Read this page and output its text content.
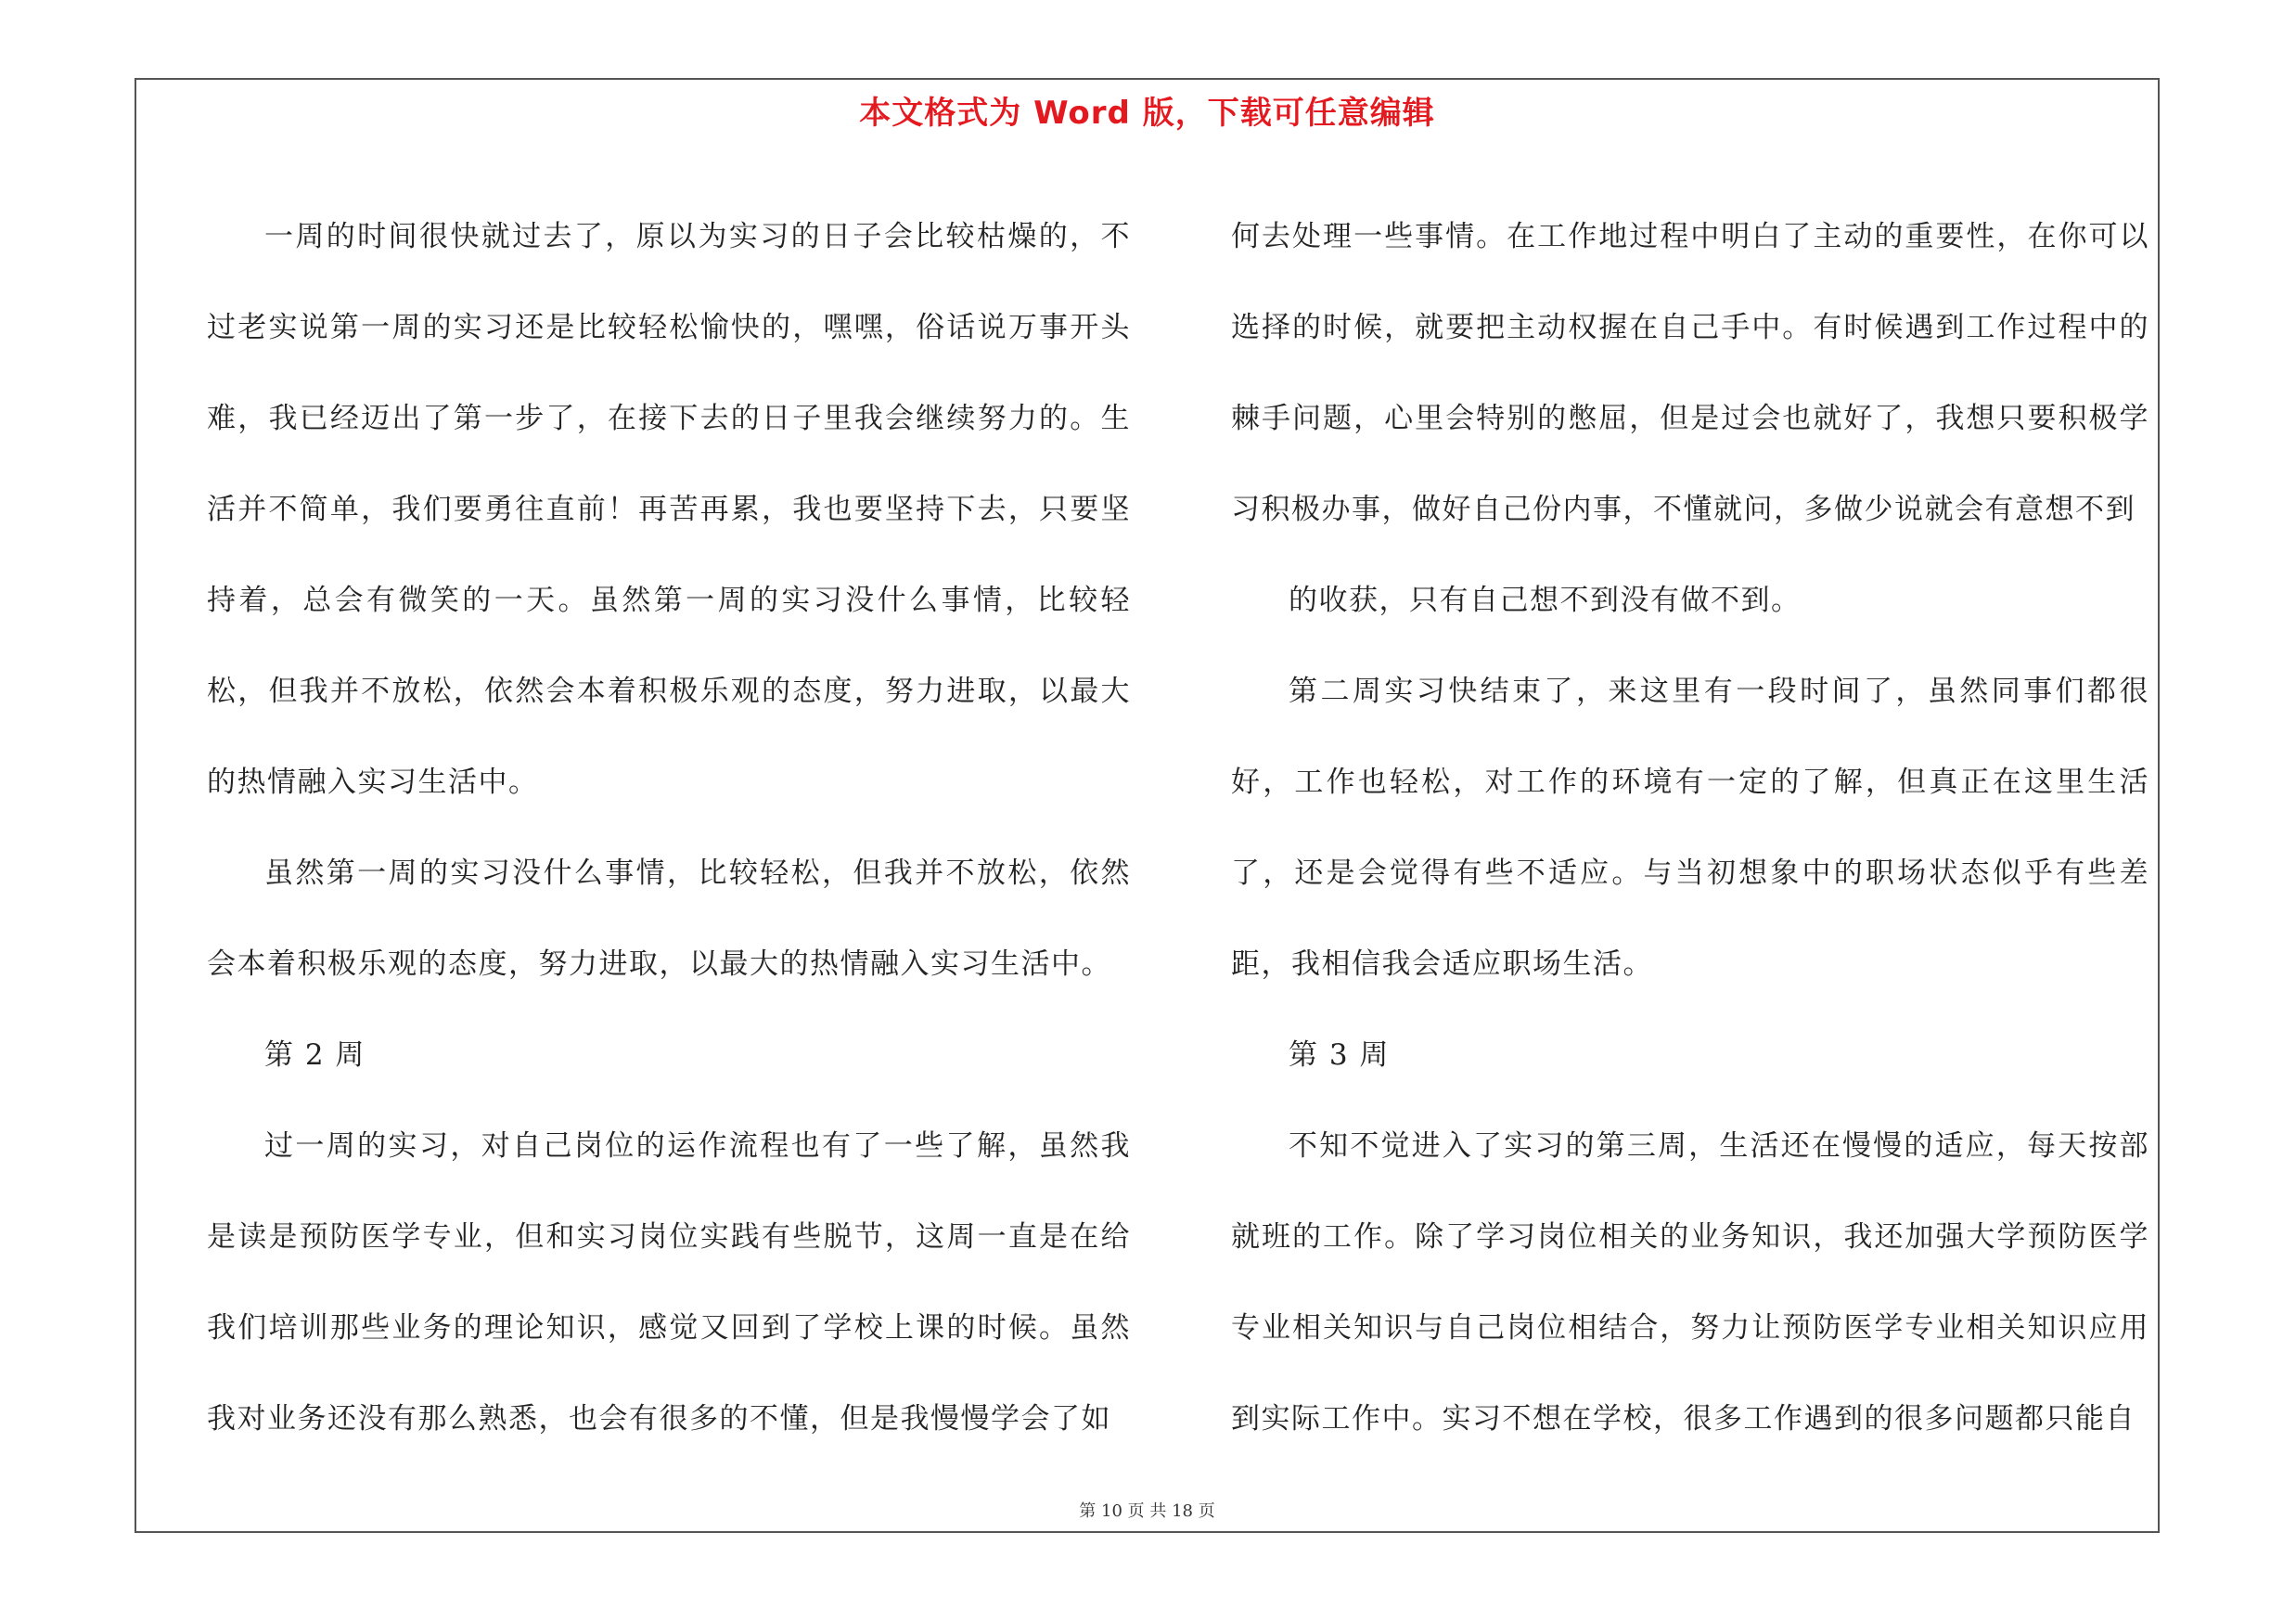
本文格式为 Word 版，下载可任意编辑

一周的时间很快就过去了，原以为实习的日子会比较枯燥的，不过老实说第一周的实习还是比较轻松愉快的，嘿嘿，俗话说万事开头难，我已经迈出了第一步了，在接下去的日子里我会继续努力的。生活并不简单，我们要勇往直前！再苦再累，我也要坚持下去，只要坚持着，总会有微笑的一天。虽然第一周的实习没什么事情，比较轻松，但我并不放松，依然会本着积极乐观的态度，努力进取，以最大的热情融入实习生活中。

虽然第一周的实习没什么事情，比较轻松，但我并不放松，依然会本着积极乐观的态度，努力进取，以最大的热情融入实习生活中。

第 2 周

过一周的实习，对自己岗位的运作流程也有了一些了解，虽然我是读是预防医学专业，但和实习岗位实践有些脱节，这周一直是在给我们培训那些业务的理论知识，感觉又回到了学校上课的时候。虽然我对业务还没有那么熟悉，也会有很多的不懂，但是我慢慢学会了如

何去处理一些事情。在工作地过程中明白了主动的重要性，在你可以选择的时候，就要把主动权握在自己手中。有时候遇到工作过程中的棘手问题，心里会特别的憋屈，但是过会也就好了，我想只要积极学习积极办事，做好自己份内事，不懂就问，多做少说就会有意想不到

的收获，只有自己想不到没有做不到。

第二周实习快结束了，来这里有一段时间了，虽然同事们都很好，工作也轻松，对工作的环境有一定的了解，但真正在这里生活了，还是会觉得有些不适应。与当初想象中的职场状态似乎有些差距，我相信我会适应职场生活。

第 3 周

不知不觉进入了实习的第三周，生活还在慢慢的适应，每天按部就班的工作。除了学习岗位相关的业务知识，我还加强大学预防医学专业相关知识与自己岗位相结合，努力让预防医学专业相关知识应用到实际工作中。实习不想在学校，很多工作遇到的很多问题都只能自

第 10 页 共 18 页
